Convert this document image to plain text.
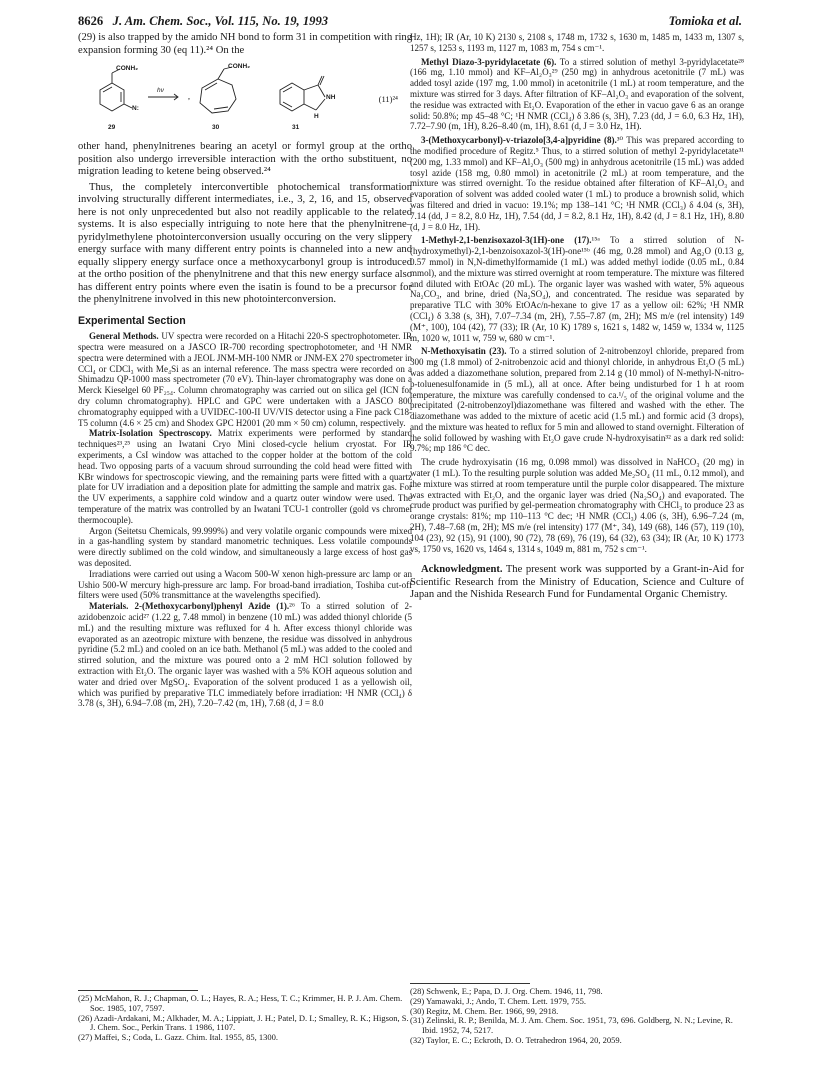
8626 J. Am. Chem. Soc., Vol. 115, No. 19, 1993	Tomioka et al.

(29) is also trapped by the amido NH bond to form 31 in competition with ring expansion forming 30 (eq 11).²⁴ On the

,
CONH₂	CONH₂
hν
N:
NH
H
29	30	31
(11)²⁴

other hand, phenylnitrenes bearing an acetyl or formyl group at the ortho position also undergo irreversible interaction with the ortho substituent, no migration leading to ketene being observed.²⁴

Thus, the completely interconvertible photochemical transformation involving structurally different intermediates, i.e., 3, 2, 16, and 15, observed here is not only unprecedented but also not readily applicable to the related systems. It is also especially intriguing to note here that the phenylnitrene–pyridylmethylene photointerconversion usually occuring on the very slippery energy surface with many different entry points is channeled into a new and equally slippery energy surface once a methoxycarbonyl group is introduced at the ortho position of the phenylnitrene and that this new energy surface also has different entry points where even the isatin is found to be a precursor for the phenylnitrene involved in this new photointerconversion.

Experimental Section

General Methods. UV spectra were recorded on a Hitachi 220-S spectrophotometer. IR spectra were measured on a JASCO IR-700 recording spectrophotometer, and ¹H NMR spectra were determined with a JEOL JNM-MH-100 NMR or JNM-EX 270 spectrometer in CCl₄ or CDCl₃ with Me₄Si as an internal reference. The mass spectra were recorded on a Shimadzu QP-1000 mass spectrometer (70 eV). Thin-layer chromatography was done on a Merck Kieselgel 60 PF₂₅₄. Column chromatography was carried out on silica gel (ICN for dry column chromatography). HPLC and GPC were undertaken with a JASCO 800 chromatography equipped with a UVIDEC-100-II UV/VIS detector using a Fine pack C18-T5 column (4.6 × 25 cm) and Shodex GPC H2001 (20 mm × 50 cm) column, respectively.

Matrix-Isolation Spectroscopy. Matrix experiments were performed by standard techniques²³,²⁵ using an Iwatani Cryo Mini closed-cycle helium cryostat. For IR experiments, a CsI window was attached to the copper holder at the bottom of the cold head. Two opposing parts of a vacuum shroud surrounding the cold head were fitted with KBr windows for spectroscopic viewing, and the remaining parts were fitted with a quartz plate for UV irradiation and a deposition plate for admitting the sample and matrix gas. For the UV experiments, a sapphire cold window and a quartz outer window were used. The temperature of the matrix was controlled by an Iwatani TCU-1 controller (gold vs chromel thermocouple).

Argon (Seitetsu Chemicals, 99.999%) and very volatile organic compounds were mixed in a gas-handling system by standard manometric techniques. Less volatile compounds were directly sublimed on the cold window, and simultaneously a large excess of host gas was deposited.

Irradiations were carried out using a Wacom 500-W xenon high-pressure arc lamp or an Ushio 500-W mercury high-pressure arc lamp. For broad-band irradiation, Toshiba cut-off filters were used (50% transmittance at the wavelengths specified).

Materials. 2-(Methoxycarbonyl)phenyl Azide (1).²⁶ To a stirred solution of 2-azidobenzoic acid²⁷ (1.22 g, 7.48 mmol) in benzene (10 mL) was added thionyl chloride (5 mL) and the resulting mixture was refluxed for 4 h. After excess thionyl chloride was evaporated as an azeotropic mixture with benzene, the residue was dissolved in anhydrous pyridine (5.2 mL) and cooled on an ice bath. Methanol (5 mL) was added to the cooled and stirred solution, and the mixture was poured onto a 2 mM HCl solution followed by extraction with Et₂O. The organic layer was washed with a 5% KOH aqueous solution and water and dried over MgSO₄. Evaporation of the solvent produced 1 as a yellowish oil, which was purified by preparative TLC immediately before irradiation: ¹H NMR (CCl₄) δ 3.78 (s, 3H), 6.94–7.08 (m, 2H), 7.20–7.42 (m, 1H), 7.68 (d, J = 8.0

Hz, 1H); IR (Ar, 10 K) 2130 s, 2108 s, 1748 m, 1732 s, 1630 m, 1485 m, 1433 m, 1307 s, 1257 s, 1253 s, 1193 m, 1127 m, 1083 m, 754 s cm⁻¹.

Methyl Diazo-3-pyridylacetate (6). To a stirred solution of methyl 3-pyridylacetate²⁸ (166 mg, 1.10 mmol) and KF–Al₂O₃²⁹ (250 mg) in anhydrous acetonitrile (7 mL) was added tosyl azide (197 mg, 1.00 mmol) in acetonitrile (1 mL) at room temperature, and the mixture was stirred for 3 days. After filtration of KF–Al₂O₃ and evaporation of the solvent, the residue was extracted with Et₂O. Evaporation of the ether in vacuo gave 6 as an orange solid: 50.8%; mp 45–48 °C; ¹H NMR (CCl₄) δ 3.86 (s, 3H), 7.23 (dd, J = 6.0, 6.3 Hz, 1H), 7.72–7.90 (m, 1H), 8.26–8.40 (m, 1H), 8.61 (d, J = 3.0 Hz, 1H).

3-(Methoxycarbonyl)-v-triazolo[3,4-a]pyridine (8).³⁰ This was prepared according to the modified procedure of Regitz.⁵ Thus, to a stirred solution of methyl 2-pyridylacetate³¹ (200 mg, 1.33 mmol) and KF–Al₂O₃ (500 mg) in anhydrous acetonitrile (15 mL) was added tosyl azide (158 mg, 0.80 mmol) in acetonitrile (2 mL) at room temperature, and the mixture was stirred overnight. To the residue obtained after filteration of KF–Al₂O₃ and evaporation of solvent was added cooled water (1 mL) to produce a brownish solid, which was filtered and dried in vacuo: 19.1%; mp 138–141 °C; ¹H NMR (CCl₃) δ 4.04 (s, 3H), 7.14 (dd, J = 8.2, 8.0 Hz, 1H), 7.54 (dd, J = 8.2, 8.1 Hz, 1H), 8.42 (d, J = 8.1 Hz, 1H), 8.80 (d, J = 8.0 Hz, 1H).

1-Methyl-2,1-benzisoxazol-3(1H)-one (17).¹⁵ᵃ To a stirred solution of N-(hydroxymethyl)-2,1-benzoisoxazol-3(1H)-one¹⁵ᵇ (46 mg, 0.28 mmol) and Ag₂O (0.13 g, 0.57 mmol) in N,N-dimethylformamide (1 mL) was added methyl iodide (0.05 mL, 0.84 mmol), and the mixture was stirred overnight at room temperature. The mixture was filtered and diluted with EtOAc (20 mL). The organic layer was washed with water, 5% aqueous Na₂CO₃, and brine, dried (Na₂SO₄), and concentrated. The residue was separated by preparative TLC with 30% EtOAc/n-hexane to give 17 as a yellow oil: 62%; ¹H NMR (CCl₄) δ 3.38 (s, 3H), 7.07–7.34 (m, 2H), 7.55–7.87 (m, 2H); MS m/e (rel intensity) 149 (M⁺, 100), 104 (42), 77 (33); IR (Ar, 10 K) 1789 s, 1621 s, 1482 w, 1459 w, 1334 w, 1125 m, 1020 w, 1011 w, 759 w, 680 w cm⁻¹.

N-Methoxyisatin (23). To a stirred solution of 2-nitrobenzoyl chloride, prepared from 300 mg (1.8 mmol) of 2-nitrobenzoic acid and thionyl chloride, in anhydrous Et₂O (5 mL) was added a diazomethane solution, prepared from 2.14 g (10 mmol) of N-methyl-N-nitro-p-toluenesulfonamide in (5 mL), all at once. After being undisturbed for 1 h at room temperature, the mixture was carefully condensed to ca.¹/₅ of the original volume and the precipitated (2-nitrobenzoyl)diazomethane was filtered and washed with the ether. The diazomethane was added to the mixture of acetic acid (1.5 mL) and formic acid (3 drops), and the mixture was heated to reflux for 5 min and allowed to stand overnight. Filteration of the solid followed by washing with Et₂O gave crude N-hydroxyisatin³² as a dark red solid: 9.7%; mp 186 °C dec.

The crude hydroxyisatin (16 mg, 0.098 mmol) was dissolved in NaHCO₃ (20 mg) in water (1 mL). To the resulting purple solution was added Me₂SO₄ (11 mL, 0.12 mmol), and the mixture was stirred at room temperature until the purple color disappeared. The mixture was extracted with Et₂O, and the organic layer was dried (Na₂SO₄) and evaporated. The crude product was purified by gel-permeation chromatography with CHCl₃ to produce 23 as orange crystals: 81%; mp 110–113 °C dec; ¹H NMR (CCl₃) 4.06 (s, 3H), 6.96–7.24 (m, 2H), 7.48–7.68 (m, 2H); MS m/e (rel intensity) 177 (M⁺, 34), 149 (68), 146 (57), 119 (10), 104 (23), 92 (15), 91 (100), 90 (72), 78 (69), 76 (19), 64 (32), 63 (34); IR (Ar, 10 K) 1773 vs, 1750 vs, 1620 vs, 1464 s, 1314 s, 1049 m, 881 m, 752 s cm⁻¹.

Acknowledgment. The present work was supported by a Grant-in-Aid for Scientific Research from the Ministry of Education, Science and Culture of Japan and the Nishida Research Fund for Fundamental Organic Chemistry.

(25) McMahon, R. J.; Chapman, O. L.; Hayes, R. A.; Hess, T. C.; Krimmer, H. P. J. Am. Chem. Soc. 1985, 107, 7597.

(26) Azadi-Ardakani, M.; Alkhader, M. A.; Lippiatt, J. H.; Patel, D. I.; Smalley, R. K.; Higson, S. J. Chem. Soc., Perkin Trans. 1 1986, 1107.

(27) Maffei, S.; Coda, L. Gazz. Chim. Ital. 1955, 85, 1300.

(28) Schwenk, E.; Papa, D. J. Org. Chem. 1946, 11, 798.

(29) Yamawaki, J.; Ando, T. Chem. Lett. 1979, 755.

(30) Regitz, M. Chem. Ber. 1966, 99, 2918.

(31) Zelinski, R. P.; Benilda, M. J. Am. Chem. Soc. 1951, 73, 696. Goldberg, N. N.; Levine, R. Ibid. 1952, 74, 5217.

(32) Taylor, E. C.; Eckroth, D. O. Tetrahedron 1964, 20, 2059.
